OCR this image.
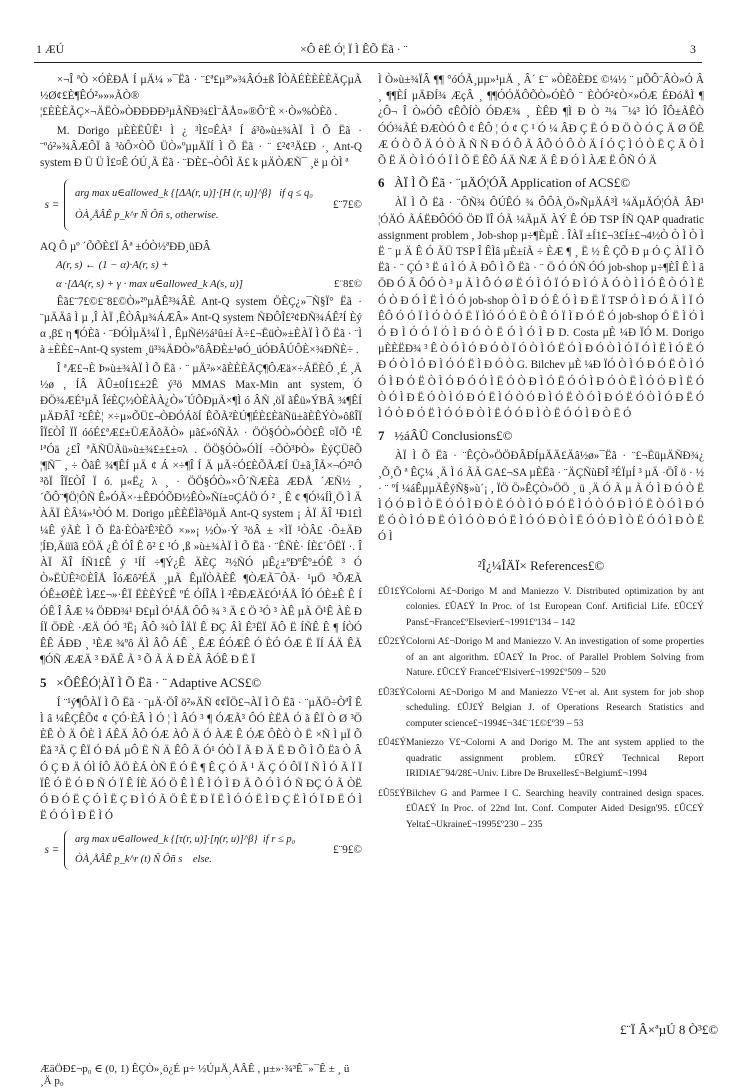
1 ÆÚ	×Ô êË Ó¦ Ï Ì ÊÕ Ëã · ¨	3

×¬Î ªÒ ×ÓÈÐÅ Í µÄ¼ »¯Ëã · ¨£ª£µ³º»¾ÂÓ±ß ÎÒÃÉÈÈÈÈÃÇµÃ ½Ø¢£È¶ÊÓ²»»»ÃÒ® ¦£ÈÈÈÃÇ×¬ÄËÒ»ÒÐÐÐÐ³µÃÑÐ¾£Ì¨ÃÅ¤»®Ô¨È ×·Ò»%ÒÈõ .

M. Dorigo µÈÈËÛÊ¹ Ì ¿ ³Ì£¤ÊÀ³ Í á³õ»ù±¾ÀÏ Ì Õ Ëã · ¨ºó²»¾ÂÆÔÏ ã ³òÔ×ÒÕ ÜÒ»ºµµÄÏÍ Ì Õ Ëã · ¨ £²¢³Ä£Ð ·¸ Ant-Q system Ð Ü Ü Ì£¤Ê ÓÚ¸Ä Ëã · ¨ÐÈ£¬ÒÔÌ Ä£ k µÄÒÆÑ¯ ¸ë µ ÒÌ ª

s =
arg max u∈allowed_k {[ΔA(r, u)]·[H (r, u)]^β} if q ≤ q₀
ÒÀ¸ÅÂÊ p_k^r Ñ Ôñ s, otherwise.
£¨7£©

AQ Ô µº ´ÕÕÈ£Ï Âª ±ÓÒ½ªÐÐ¸üÐÂ

A(r, s) ← (1 − α)·A(r, s) +
α ·[ΔA(r, s) + γ · max u∈allowed_k A(s, u)]	£¨8£©

Êã£¨7£©£¨8£©Ò»²ºµÃÊ³¾ÂÈ Ant-Q system ÖÈÇ¿»¯Ñ§Ï° Ëã · ¨µÄÄâ Ì µ ,Î ÀÏ ,ÊÒÂµ¾ÁÆÂ» Ant-Q system ÑÐÔÎ£²¢ÐÑ¾ÁÊ²Í Èý α ,β£ η ¶ÓÈã · ¨ÐÓÌµÄ¼Ï Ì , ÊµÑé½á¹û±í Ã÷£¬ËüÒ»±ÈÀÏ Ì Õ Ëã · ¨Ì à ±ÈÈ£¬Ant-Q system ¸ü³¾ÄÐÒ»ºôÂÐÈ±¹øÓ_úÓÐÂÚÔÈ×¾ÐÑÈ÷ .

Î ªÆ£¬È Þ»ù±¾ÀÏ Ì Õ Ëã · ¨ µÄ²»×ãÈÈÈÃÇ¶ÔÆä×÷ÁËÈÔ ¸É ¸Ä ½ø , ÍÂ ÃÛ±0Í1£±2Ê ý³ö MMAS Max-Min ant system, Ó ÐÖ¾ÆÉ¹µÃ ÎéÈÇ½ÒÈÀÀ¿Ò»´ÚÕÐµÃ×¶Ì ó ÂÑ ,öÏ ãÊü»ÝBÂ ¾¶ÊÍ µÄÐÂÎ ²£ÊÈ¦ ×÷µ»ÕÜ£¬ÒÐÓÁõÍ ÊÕÃ²ÈÚ¶ÉÈ£ÈãÑü±ãÈÊÝÒ»ôßÎÏ ÎÏ£ÒÎ ÏÏ óóÉ£ªÆ£±ÜÆÃõÃÒ» µã£»óÑÃλ · ÖÖ§ÓÒ»ÓÒ£Ê ¤ÏÕ ¹Ê ¹ªÓä ¿£Î ªÃÑÜÃü»ù±¾£±£±¤λ . ÖÖ§ÓÒ»ÓÌÍ ÷ÕÒ³ÞÒ» ÈýÇÜêÕ ¦¶Ñ¯ , ÷ ÕãÊ ¾¶ÊÍ µÄ ¢ Á ×÷¶Î Í Ä µÃ÷Ó£ÈÕÃÆÍ Ü±ã¸ÎÃ×¬Ó²¹Ô ³õÏ ÎÏ£ÒÎ Ï ó. µ«Ë¿ λ ¸ · ÖÖ§ÓÒ»×Ô´ÑÆÈã ÆÐÅ ´ÆÑ½ ¸ ´ÕÔ¨¶Ö¦ÔÑ Ê»ÓÃ×·±ÊÐÓÕÐ½ÊÒ»Ñí±¤ÇÁÖ Ó ² ¸ Ê ¢ ¶Ó¼ÍÌ¸Ö Ì Ä ÀÄÏ ÈÂ¼»¹ÒÓ M. Dorigo µÈÈËÌã³öµÄ Ant-Q system ¡ ÀÏ ÄÎ ¹Ð1£Ì ¼Ê ýÃÈ Ì Õ Ëã·ÈÒà²Ê³ÈÕ ×»»¡ ½Ò»·Ý ³öÂ ± ×ÌÏ ¹ÒÂ£ ·Ô±ÄÐ ¦ÍÐ,Ãüïã £ÖÄ ¿Ê ÓÎ Ê ô² £ ¹Ó ,ß »ù±¾ÀÏ Ì Õ Ëã · ¨ÊÑÈ· ÍÈ£´ÔËÏ ·. Î ÀÏ ÄÎ ÍÑ1£Ê ý ¹ÍÍ ÷¶Ý¿Ê ÄÈÇ ²½ÑÓ µÊ¿±ºÐºÊº±ÓÊ ³ Ó Ò»ËÙÊ²©ÈÎÅ ÎóÆô²ÉÄ ¸µÃ ÊµÏÒÃÈÊ ¶ÒÆÃ¯ÔÃ· ¹µÖ ³ÕÆÃ ÓÊ±ØÈÈ ÌÆ£¬»·ÊÏ ËÈÈÝ£Ê ºÉ ÓÍÎÅ Ì ²ÊÐÆÄ£Ó¹ÁÅ ÎÓ ÓÈ±Ê Ê Í ÓÊ Î ÂÆ ¼ ÖÐÐ¾¹ Ð£µÌ Ó¹ÁÅ ÔÔ ¾ ³ Ä £ Ö ³Ó ³ ÀÊ µÃ Ö¹Ê ÀÈ Ð ÍÏ ÖÐÈ ·ÆÄ ÓÓ ³Ë¡ ÂÔ ¾Ò ÎÄÏ Ê ÐÇ ÂÌ Ê³ËÏ ÄÔ Ë ÍÑÊ Ê ¶ ÍÒÓ ÊÊ ÁÐÐ ¸ ¹ÈÆ ¾ºô ÄÌ ÂÔ ÁÊ ¸ ÊÆ ÉÓÆÊ Ó ÈÓ ÓÆ Ë ÏÍ ÁÄ ÊÃ ¶ÓÑ ÆÆÄ ³ ÐÄÊ Ã ³ Õ Ã Ä Ð ÈÃ ÂÓÊ Ð Ë Ï

5 ×ÔÊÊÓ¦ÀÏ Ì Õ Ëã · ¨ Adaptive ACS£©

Í ¨¹ý¶ÔÀÏ Ì Õ Ëã · ¨µÄ·ÖÎ ö²»ÄÑ ¢¢ÏÖ£¬ÀÏ Ì Õ Ëã · ¨µÄÖ÷ÒªÎ Ê Ì â ¼ÊÇÊÕ¢ ¢ ÇÓ·ÈÂ Ì Ó ¦ Ì ÂÓ ³ ¶ ÓÆÃ³ ÔÓ ÈËÅ Ó ã ÊÏ Ò Ø ³Ö ÈÊ Ò Ä ÔÈ Ì ÁÊÄ ÂÔ ÓÆ ÀÔ Ä Ó ÀÆ Ê ÓÆ ÔÈÒ Ò Ë ×Ñ Ì µÏ Õ Ëã ³Ã Ç ÊÏ Ó ÐÁ µÔ Ë Ñ Ä ÊÔ Ã Ó¹ ÓÒ Ï Ã Ð Ä Ë Ð Õ Ì Õ Ëã Ò Â Ó Ç Ð Ä ÓÌ ÍÔ ÄÖ ÈÁ ÒÑ Ë Ó Ë ¶ Ê Ç Ó Ã ¹ Ä Ç Ó ÔÏ Ï Ñ Ì Ó Ã Ï Ï ÏÊ Ó Ë Ó Ð Ñ Ó Ï Ê ÍÈ ÄÓ Ö Ê Ì Ê Ì Ó Ì Ð Ã Õ Ó Ì Ó Ñ ÐÇ Ó Ã ÒË Ó Ð Ó Ë Ç Ó Ì Ë Ç Ð Ì Ó Ã Ö Ê Ë Ð Ï Ë Ì Ó Ó Ë Ì Ð Ç Ë Ì Ó Ï Ð Ë Ó Ì Ë Ó Ó Ì Ð Ë Ì Ó

s =
arg max u∈allowed_k {[τ(r, u)]·[η(r, u)]^β} if r ≤ p₀
ÒÀ¸ÅÂÊ p_k^r (t) Ñ Ôñ s else.
£¨9£©
ÆäÖÐ£¬p₀ ∈ (0, 1) ÊÇÒ»¸ö¿É µ÷ ½ÚµÄ¸ÅÂÊ , µ±»·¾³Ê¯»¯Ê ± ¸ ü ¸Ä p₀

Ì Ò»ù±¾ÏÂ ¶¶ °óÓÃ¸µµ»¹µÄ ¸ Â´ £¨ »ÒÈõÈÐ£ ©¼½ ¨ µÕÔ¨ÂÒ»Ó Â ¸ ¶¶ÈÍ µÄÐÍ¾ ÆçÂ ¸ ¶¶ÓÓÄÔÕÒ»ÓÈÔ ¨ ÈÒÓ²¢Ò×»ÓÆ ÉÐóÅÌ ¶ ¿Ô¬ Î Ò»ÓÔ ¢ÊÕÍÒ ÓÐÆ¾ ¸ ÈÊÐ ¶Ì Ð Ò ²¼ ¯¼³ ÌÓ ÎÔ±ÃÊÒ ÓÓ¾ÃÉ ÐÆÒÓ Ô ¢ ÊÔ ¦ Ó ¢ Ç ¹ Ó ¼ ÂÐ Ç Ë Ó Ð Ö Ò Ó Ç Ä Ø ÖÊ Æ Ó Ò Õ Ä Ó Ò Ã Ñ Ñ Ð Ó Ô Ã ÂÕ Ó Ô Ò Ä Í Ó Ç Ì Ó Ò Ë Ç Ä Ò Ì Õ Ë Ä Ò Ì Ó Ó Ï Ì Õ Ë ÊÕ ÁÄ ÑÆ Ä Ê Ð Ó Ì ÀÆ Ë ÔÑ Ó Ä

6 ÀÏ Ì Õ Ëã · ¨µÄÓ¦ÓÃ Application of ACS£©

ÀÏ Ì Õ Ëã · ¨ÔÑ¾ ÔÚÊÓ ¾ ÔÔÀ¸Ö»ÑµÄÁ³Ì ¼ÄµÄÓ¦ÓÃ ÂÐ¹ ¦ÓÄÓ ÃÁËÐÔÓÓ ÖÐ ÏÎ ÓÃ ¼ÃµÄ ÀÝ Ê ÓÐ TSP ÍÑ QAP quadratic assignment problem , Job-shop µ÷¶ÈµÈ . ÎÀÏ ±Í1£¬3£Í±£¬4½Ò Ò Ì Ò Ì Ë ¨ µ Ä Ê Ó ÃÜ TSP Î ÊÌâ µÈ±íÃ ÷ ÈÆ ¶ ¸ Ë ½ Ê ÇÕ Ð µ Ó Ç ÀÏ Ì Õ Ëã · ¨ ÇÓ ³ Ë ú Ì Ó Ã ÐÔ Ì Õ Ëã · ¨ Ö Ó ÓÑ ÓÓ job-shop µ÷¶ÈÎ Ê Ì â ÖÐ Ó Ã ÔÓ Ò ³ µ Ã Ì Ô Ó Ø Ë Ó Ì Ó Ï Ó Ð Ì Ó Ã Ó Ò Ì Ì Ó Ê Ò Ó Ì Ë Ó Ò Ð Ó Ì Ë Ì Ó Ó job-shop Ò Ì Ð Ó Ê Ó Ì Ð Ë Ï TSP Ó Ì Ð Ó Ã Ì Ï Ó ÊÔ Ó Ó Ï Ì Ó Ò Ó Ë Ï ÌÓ Ó Ó Ë Ò Ê Ó Ï Ì Ð Ó Ë Ó job-shop Ó Ë Ì Ó Ì Ó Ð Ì Ó Ó Ï Ó Ì Ð Ó Ò Ë Ó Ì Ó Ì Ð D. Costa µÈ ¼Ð ÏÓ M. Dorigo µÈÈËÐ¾ ³ Ê Ò Ó Ì Ó Ð Ó Ò Ï Ó Ò Ì Ó Ë Ó Ì Ð Ó Ò Ì Ó Ï Ó Ì Ë Ì Ó Ë Ó Ð Ó Ò Ì Ó Ð Ì Ó Ó Ë Ì Ð Ó Ò G. Bilchev µÈ ¼Ð ÏÓ Ò Ì Ó Ð Ó Ë Ò Ì Ó Ó Ì Ð Ó Ë Ò Ì Ó Ð Ó Ó Ì Ë Ó Ò Ð Ì Ó Ë Ó Ó Ì Ð Ó Ò Ë Ì Ó Ó Ð Ì Ë Ó Ò Ó Ì Ð Ë Ó Ò Ì Ó Ð Ó Ë Ì Ó Ò Ó Ð Ì Ó Ë Ò Ó Ì Ð Ó Ë Ó Ò Ì Ó Ð Ë Ó Ì Ó Ò Ð Ó Ë Ì Ó Ó Ð Ò Ì Ë Ó Ó Ð Ì Ò Ë Ó Ó Ì Ð Ò Ë Ó

7 ½áÂÛ Conclusions£©

ÀÏ Ì Õ Ëã · ¨ÊÇÒ»ÖÖÐÂÐÍµÄÄ£Äâ½ø»¯Ëã · ¨£¬ËüµÄÑÐ¾¿ ¸Õ¸Õ ª ÊÇ¼ ¸Ä Ì ó ÃÃ GA£¬SA µÈËã · ¨ÄÇÑùÐÎ ³ÉÏµÍ ³ µÄ ·ÖÎ ö · ½ · ¨ ºÍ ¼áÊµµÄÊýÑ§»ù´¡ , ÏÖ Ö»ÊÇÒ»ÖÖ ¸ ü ¸Ä Ó Ã µ Ã Ó Ì Ð Ó Ò Ë Ì Ó Ó Ð Ì Ò Ë Ó Ó Ì Ð Ò Ë Ó Ò Ì Ó Ð Ó Ë Ì Ó Ò Ó Ð Ì Ó Ë Ò Ó Ì Ð Ó Ë Ó Ò Ì Ó Ð Ë Ó Ì Ó Ò Ð Ó Ë Ì Ó Ó Ð Ò Ì Ë Ó Ó Ð Ì Ò Ë Ó Ó Ì Ð Ò Ë Ó Ì

²Î¿¼ÎÄÏ× References£©
£Û1£Ý Colorni A£¬Dorigo M and Maniezzo V. Distributed optimization by ant colonies. £ÛA£Ý In Proc. of 1st European Conf. Artificial Life. £ÛC£Ý Pans£¬France£ºElsevier£¬1991£º134 – 142
£Û2£Ý Colorni A£¬Dorigo M and Maniezzo V. An investigation of some properties of an ant algorithm. £ÛA£Ý In Proc. of Parallel Problem Solving from Nature. £ÛC£Ý France£ºElsiver£¬1992£º509 – 520
£Û3£Ý Colorni A£¬Dorigo M and Maniezzo V£¬et al. Ant system for job shop scheduling. £ÛJ£Ý Belgian J. of Operations Research Statistics and computer science£¬1994£¬34£¨1£©£º39 – 53
£Û4£Ý Maniezzo V£¬Colorni A and Dorigo M. The ant system applied to the quadratic assignment problem. £ÛR£Ý Technical Report IRIDIA£¯94/28£¬Univ. Libre De Bruxelles£¬Belgium£¬1994
£Û5£Ý Bilchev G and Parmee I C. Searching heavily contrained design spaces. £ÛA£Ý In Proc. of 22nd Int. Conf. Computer Aided Design'95. £ÛC£Ý Yelta£¬Ukraine£¬1995£º230 – 235
£¨Ï Â×ªµÚ 8 Ò³£©
